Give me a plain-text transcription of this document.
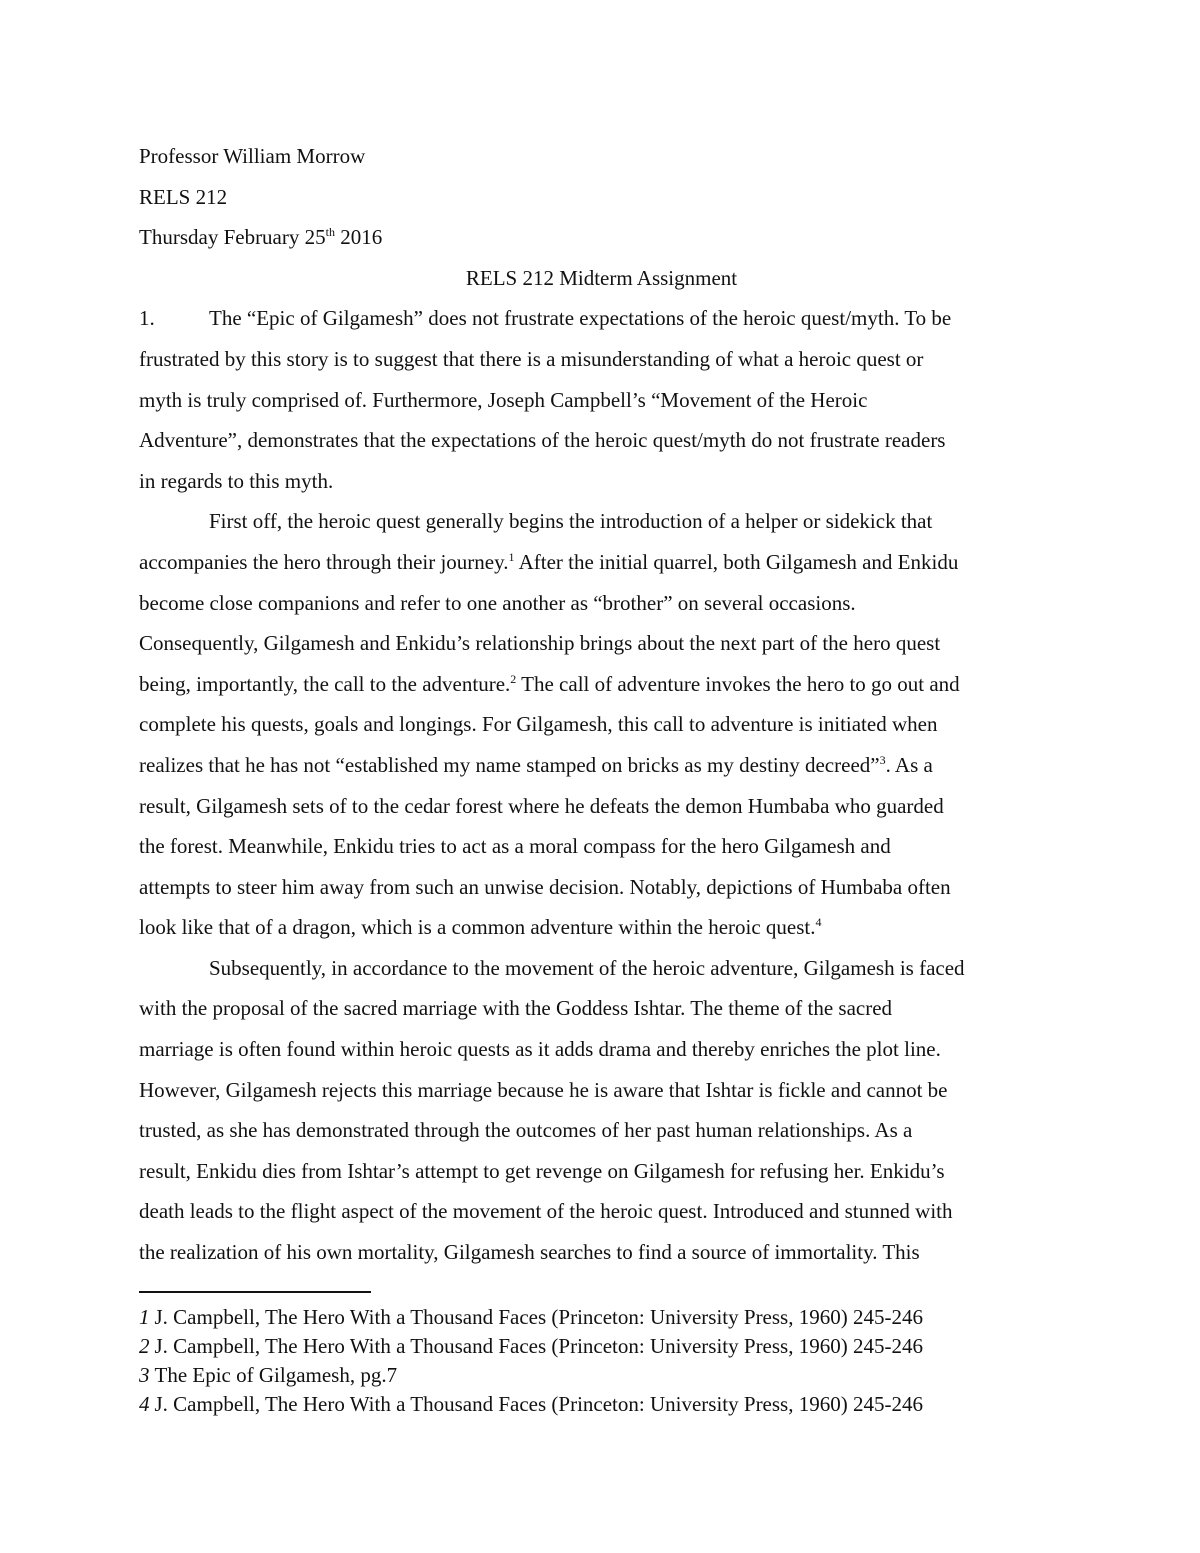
Professor William Morrow
RELS 212
Thursday February 25th 2016
RELS 212 Midterm Assignment
1.	The “Epic of Gilgamesh” does not frustrate expectations of the heroic quest/myth. To be
frustrated by this story is to suggest that there is a misunderstanding of what a heroic quest or
myth is truly comprised of. Furthermore, Joseph Campbell’s “Movement of the Heroic
Adventure”, demonstrates that the expectations of the heroic quest/myth do not frustrate readers
in regards to this myth.
First off, the heroic quest generally begins the introduction of a helper or sidekick that
accompanies the hero through their journey.$^1$ After the initial quarrel, both Gilgamesh and Enkidu
become close companions and refer to one another as “brother” on several occasions.
Consequently, Gilgamesh and Enkidu’s relationship brings about the next part of the hero quest
being, importantly, the call to the adventure.$^2$ The call of adventure invokes the hero to go out and
complete his quests, goals and longings. For Gilgamesh, this call to adventure is initiated when
realizes that he has not “established my name stamped on bricks as my destiny decreed”$^3$. As a
result, Gilgamesh sets of to the cedar forest where he defeats the demon Humbaba who guarded
the forest. Meanwhile, Enkidu tries to act as a moral compass for the hero Gilgamesh and
attempts to steer him away from such an unwise decision. Notably, depictions of Humbaba often
look like that of a dragon, which is a common adventure within the heroic quest.$^4$
Subsequently, in accordance to the movement of the heroic adventure, Gilgamesh is faced
with the proposal of the sacred marriage with the Goddess Ishtar. The theme of the sacred
marriage is often found within heroic quests as it adds drama and thereby enriches the plot line.
However, Gilgamesh rejects this marriage because he is aware that Ishtar is fickle and cannot be
trusted, as she has demonstrated through the outcomes of her past human relationships. As a
result, Enkidu dies from Ishtar’s attempt to get revenge on Gilgamesh for refusing her. Enkidu’s
death leads to the flight aspect of the movement of the heroic quest. Introduced and stunned with
the realization of his own mortality, Gilgamesh searches to find a source of immortality. This
1 J. Campbell, The Hero With a Thousand Faces (Princeton: University Press, 1960) 245-246
2 J. Campbell, The Hero With a Thousand Faces (Princeton: University Press, 1960) 245-246
3 The Epic of Gilgamesh, pg.7
4 J. Campbell, The Hero With a Thousand Faces (Princeton: University Press, 1960) 245-246
